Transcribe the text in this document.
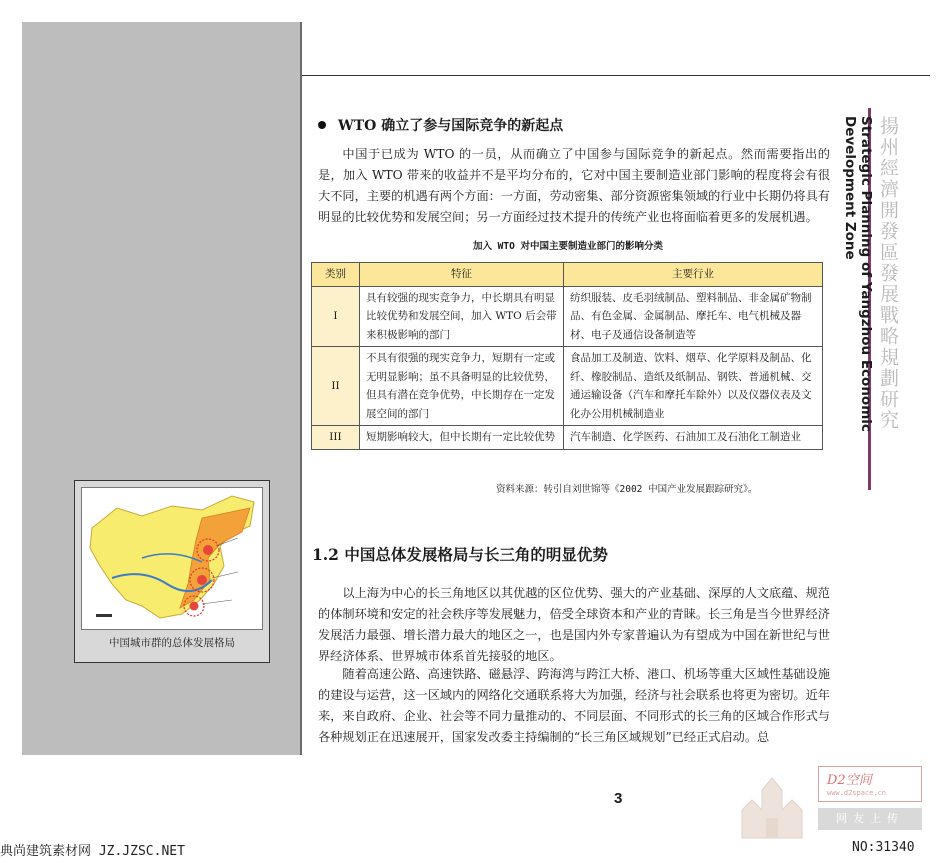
揚州經濟開發區發展戰略規劃研究
Strategic Planning of Yangzhou Economic Development Zone
WTO 确立了参与国际竞争的新起点

中国于已成为 WTO 的一员，从而确立了中国参与国际竞争的新起点。然而需要指出的是，加入 WTO 带来的收益并不是平均分布的，它对中国主要制造业部门影响的程度将会有很大不同，主要的机遇有两个方面：一方面，劳动密集、部分资源密集领域的行业中长期仍将具有明显的比较优势和发展空间；另一方面经过技术提升的传统产业也将面临着更多的发展机遇。

加入 WTO 对中国主要制造业部门的影响分类
类别	特征	主要行业
I	具有较强的现实竞争力，中长期具有明显比较优势和发展空间，加入 WTO 后会带来积极影响的部门	纺织服装、皮毛羽绒制品、塑料制品、非金属矿物制品、有色金属、金属制品、摩托车、电气机械及器材、电子及通信设备制造等
II	不具有很强的现实竞争力，短期有一定或无明显影响；虽不具备明显的比较优势，但具有潜在竞争优势，中长期存在一定发展空间的部门	食品加工及制造、饮料、烟草、化学原料及制品、化纤、橡胶制品、造纸及纸制品、钢铁、普通机械、交通运输设备（汽车和摩托车除外）以及仪器仪表及文化办公用机械制造业
III	短期影响较大，但中长期有一定比较优势	汽车制造、化学医药、石油加工及石油化工制造业
资料来源：转引自刘世锦等《2002 中国产业发展跟踪研究》。
1.2 中国总体发展格局与长三角的明显优势

以上海为中心的长三角地区以其优越的区位优势、强大的产业基础、深厚的人文底蕴、规范的体制环境和安定的社会秩序等发展魅力，倍受全球资本和产业的青睐。长三角是当今世界经济发展活力最强、增长潜力最大的地区之一，也是国内外专家普遍认为有望成为中国在新世纪与世界经济体系、世界城市体系首先接驳的地区。

随着高速公路、高速铁路、磁悬浮、跨海湾与跨江大桥、港口、机场等重大区域性基础设施的建设与运营，这一区域内的网络化交通联系将大为加强，经济与社会联系也将更为密切。近年来，来自政府、企业、社会等不同力量推动的、不同层面、不同形式的长三角的区域合作形式与各种规划正在迅速展开，国家发改委主持编制的“长三角区域规划”已经正式启动。总

中国城市群的总体发展格局
3
D2空间
www.d2space.cn
网友上传
典尚建筑素材网 JZ.JZSC.NET	NO:31340
